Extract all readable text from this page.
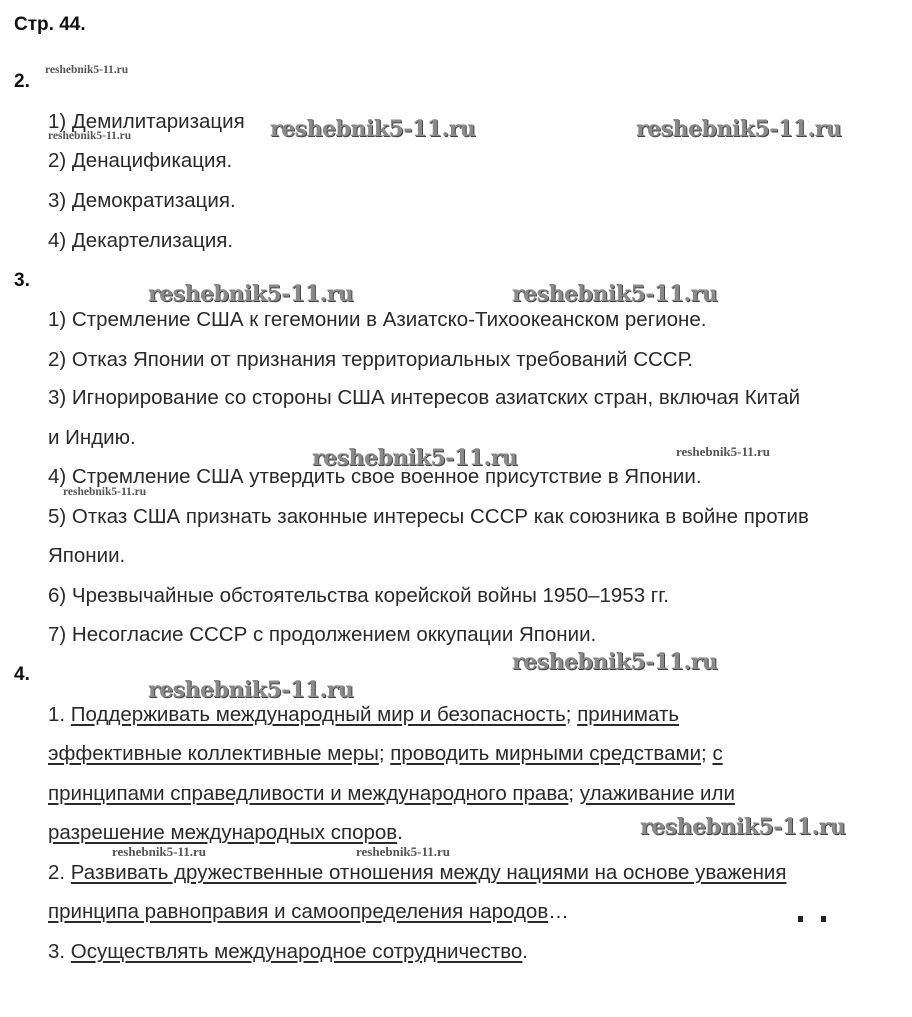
Стр. 44.
2.
1) Демилитаризация
2) Денацификация.
3) Демократизация.
4) Декартелизация.
3.
1) Стремление США к гегемонии в Азиатско-Тихоокеанском регионе.
2) Отказ Японии от признания территориальных требований СССР.
3) Игнорирование со стороны США интересов азиатских стран, включая Китай
и Индию.
4) Стремление США утвердить свое военное присутствие в Японии.
5) Отказ США признать законные интересы СССР как союзника в войне против
Японии.
6) Чрезвычайные обстоятельства корейской войны 1950–1953 гг.
7) Несогласие СССР с продолжением оккупации Японии.
4.
1. Поддерживать международный мир и безопасность; принимать
эффективные коллективные меры; проводить мирными средствами; с
принципами справедливости и международного права; улаживание или
разрешение международных споров.
2. Развивать дружественные отношения между нациями на основе уважения
принципа равноправия и самоопределения народов…
3. Осуществлять международное сотрудничество.
reshebnik5-11.ru	reshebnik5-11.ru
reshebnik5-11.ru	reshebnik5-11.ru
reshebnik5-11.ru
reshebnik5-11.ru
reshebnik5-11.ru
reshebnik5-11.ru
reshebnik5-11.ru
reshebnik5-11.ru
reshebnik5-11.ru
reshebnik5-11.ru
reshebnik5-11.ru	reshebnik5-11.ru
